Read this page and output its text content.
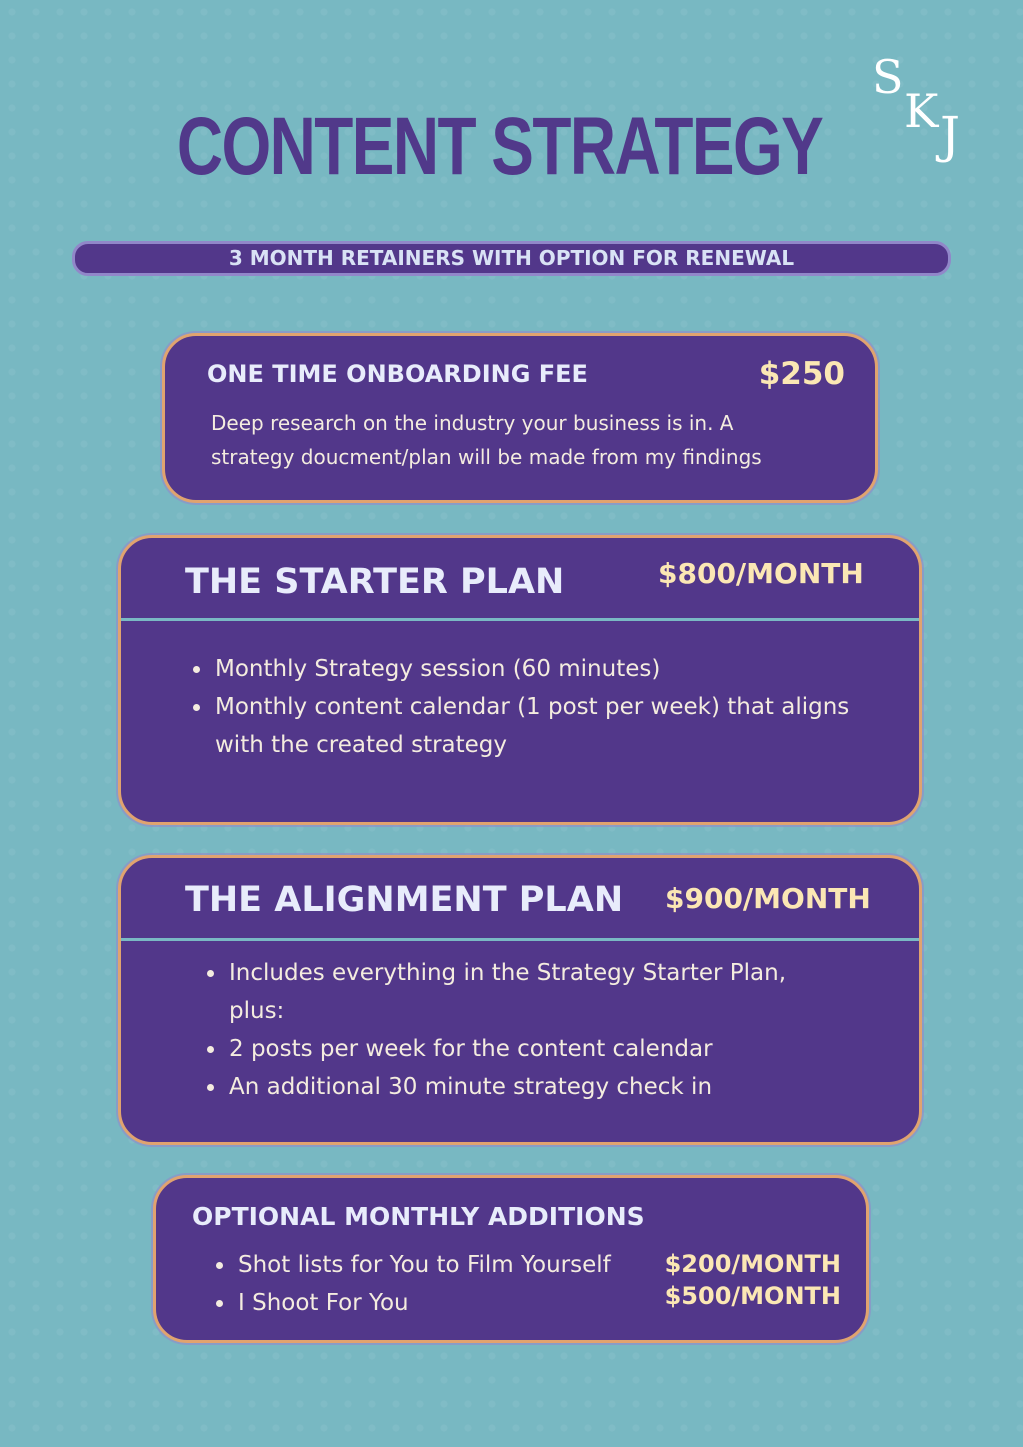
S
K J
CONTENT STRATEGY
3 MONTH RETAINERS WITH OPTION FOR RENEWAL
ONE TIME ONBOARDING FEE	$250
Deep research on the industry your business is in. A strategy doucment/plan will be made from my findings
THE STARTER PLAN	$800/MONTH
• Monthly Strategy session (60 minutes)
• Monthly content calendar (1 post per week) that aligns with the created strategy
THE ALIGNMENT PLAN $900/MONTH
• Includes everything in the Strategy Starter Plan, plus:
• 2 posts per week for the content calendar
• An additional 30 minute strategy check in
OPTIONAL MONTHLY ADDITIONS
• Shot lists for You to Film Yourself
• I Shoot For You
$200/MONTH
$500/MONTH
